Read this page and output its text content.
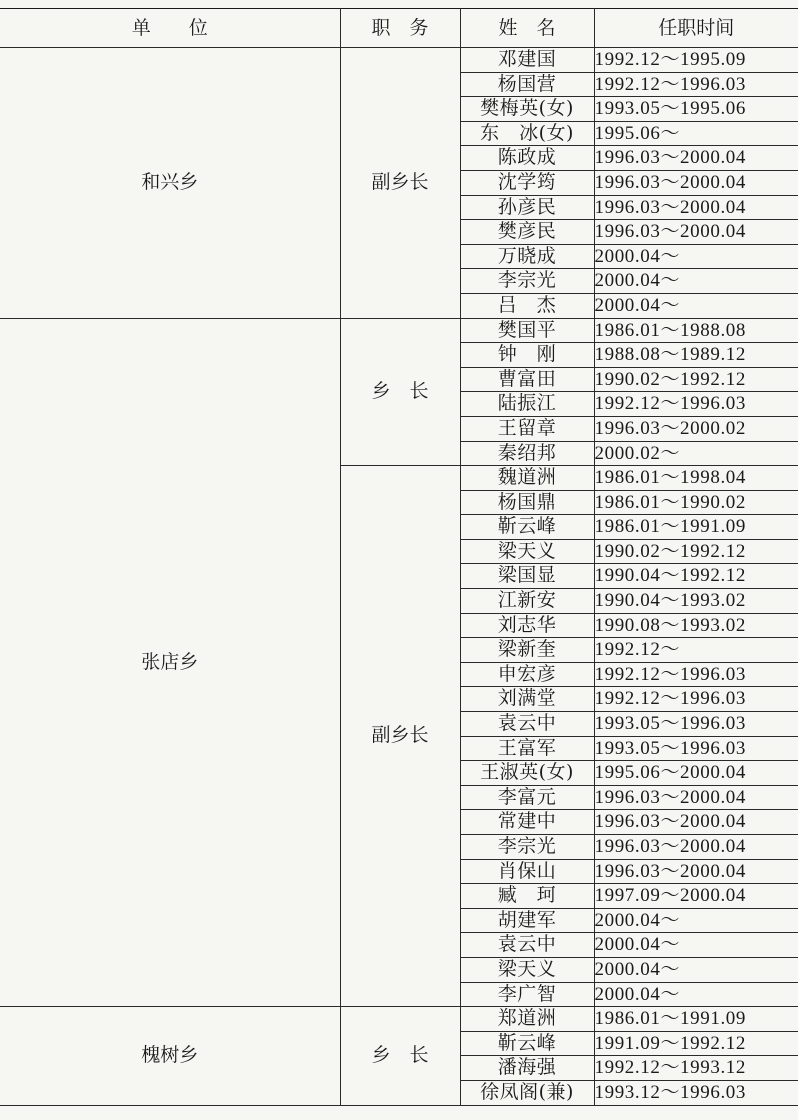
单　　位	职　务	姓　名	任职时间
和兴乡	副乡长	邓建国	1992.12～1995.09
		杨国营	1992.12～1996.03
		樊梅英(女)	1993.05～1995.06
		东　冰(女)	1995.06～
		陈政成	1996.03～2000.04
		沈学筠	1996.03～2000.04
		孙彦民	1996.03～2000.04
		樊彦民	1996.03～2000.04
		万晓成	2000.04～
		李宗光	2000.04～
		吕　杰	2000.04～
张店乡	乡　长	樊国平	1986.01～1988.08
		钟　刚	1988.08～1989.12
		曹富田	1990.02～1992.12
		陆振江	1992.12～1996.03
		王留章	1996.03～2000.02
		秦绍邦	2000.02～
	副乡长	魏道洲	1986.01～1998.04
		杨国鼎	1986.01～1990.02
		靳云峰	1986.01～1991.09
		梁天义	1990.02～1992.12
		梁国显	1990.04～1992.12
		江新安	1990.04～1993.02
		刘志华	1990.08～1993.02
		梁新奎	1992.12～
		申宏彦	1992.12～1996.03
		刘满堂	1992.12～1996.03
		袁云中	1993.05～1996.03
		王富军	1993.05～1996.03
		王淑英(女)	1995.06～2000.04
		李富元	1996.03～2000.04
		常建中	1996.03～2000.04
		李宗光	1996.03～2000.04
		肖保山	1996.03～2000.04
		臧　珂	1997.09～2000.04
		胡建军	2000.04～
		袁云中	2000.04～
		梁天义	2000.04～
		李广智	2000.04～
槐树乡	乡　长	郑道洲	1986.01～1991.09
		靳云峰	1991.09～1992.12
		潘海强	1992.12～1993.12
		徐凤阁(兼)	1993.12～1996.03
